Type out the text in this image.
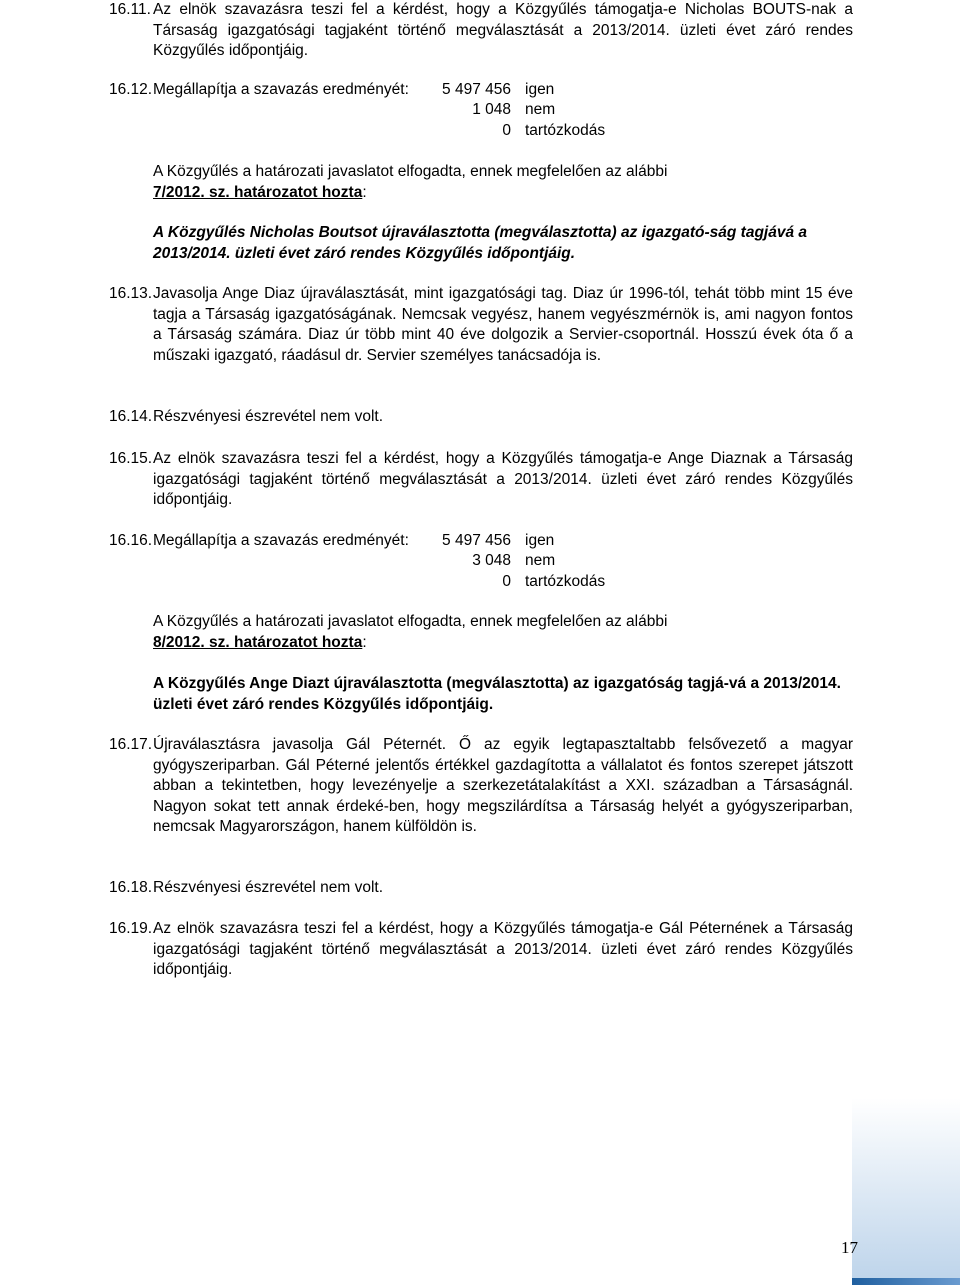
16.11. Az elnök szavazásra teszi fel a kérdést, hogy a Közgyűlés támogatja-e Nicholas BOUTS-nak a Társaság igazgatósági tagjaként történő megválasztását a 2013/2014. üzleti évet záró rendes Közgyűlés időpontjáig.
16.12. Megállapítja a szavazás eredményét:	5 497 456 igen
1 048 nem
0 tartózkodás
A Közgyűlés a határozati javaslatot elfogadta, ennek megfelelően az alábbi
7/2012. sz. határozatot hozta:
A Közgyűlés Nicholas Boutsot újraválasztotta (megválasztotta) az igazgató-ság tagjává a 2013/2014. üzleti évet záró rendes Közgyűlés időpontjáig.
16.13. Javasolja Ange Diaz újraválasztását, mint igazgatósági tag. Diaz úr 1996-tól, tehát több mint 15 éve tagja a Társaság igazgatóságának. Nemcsak vegyész, hanem vegyészmérnök is, ami nagyon fontos a Társaság számára. Diaz úr több mint 40 éve dolgozik a Servier-csoportnál. Hosszú évek óta ő a műszaki igazgató, ráadásul dr. Servier személyes tanácsadója is.
16.14. Részvényesi észrevétel nem volt.
16.15. Az elnök szavazásra teszi fel a kérdést, hogy a Közgyűlés támogatja-e Ange Diaznak a Társaság igazgatósági tagjaként történő megválasztását a 2013/2014. üzleti évet záró rendes Közgyűlés időpontjáig.
16.16. Megállapítja a szavazás eredményét:	5 497 456 igen
3 048 nem
0 tartózkodás
A Közgyűlés a határozati javaslatot elfogadta, ennek megfelelően az alábbi
8/2012. sz. határozatot hozta:
A Közgyűlés Ange Diazt újraválasztotta (megválasztotta) az igazgatóság tagjá-vá a 2013/2014. üzleti évet záró rendes Közgyűlés időpontjáig.
16.17. Újraválasztásra javasolja Gál Péternét. Ő az egyik legtapasztaltabb felsővezető a magyar gyógyszeriparban. Gál Péterné jelentős értékkel gazdagította a vállalatot és fontos szerepet játszott abban a tekintetben, hogy levezényelje a szerkezetátalakítást a XXI. században a Társaságnál. Nagyon sokat tett annak érdeké-ben, hogy megszilárdítsa a Társaság helyét a gyógyszeriparban, nemcsak Magyarországon, hanem külföldön is.
16.18. Részvényesi észrevétel nem volt.
16.19. Az elnök szavazásra teszi fel a kérdést, hogy a Közgyűlés támogatja-e Gál Péternének a Társaság igazgatósági tagjaként történő megválasztását a 2013/2014. üzleti évet záró rendes Közgyűlés időpontjáig.
17
